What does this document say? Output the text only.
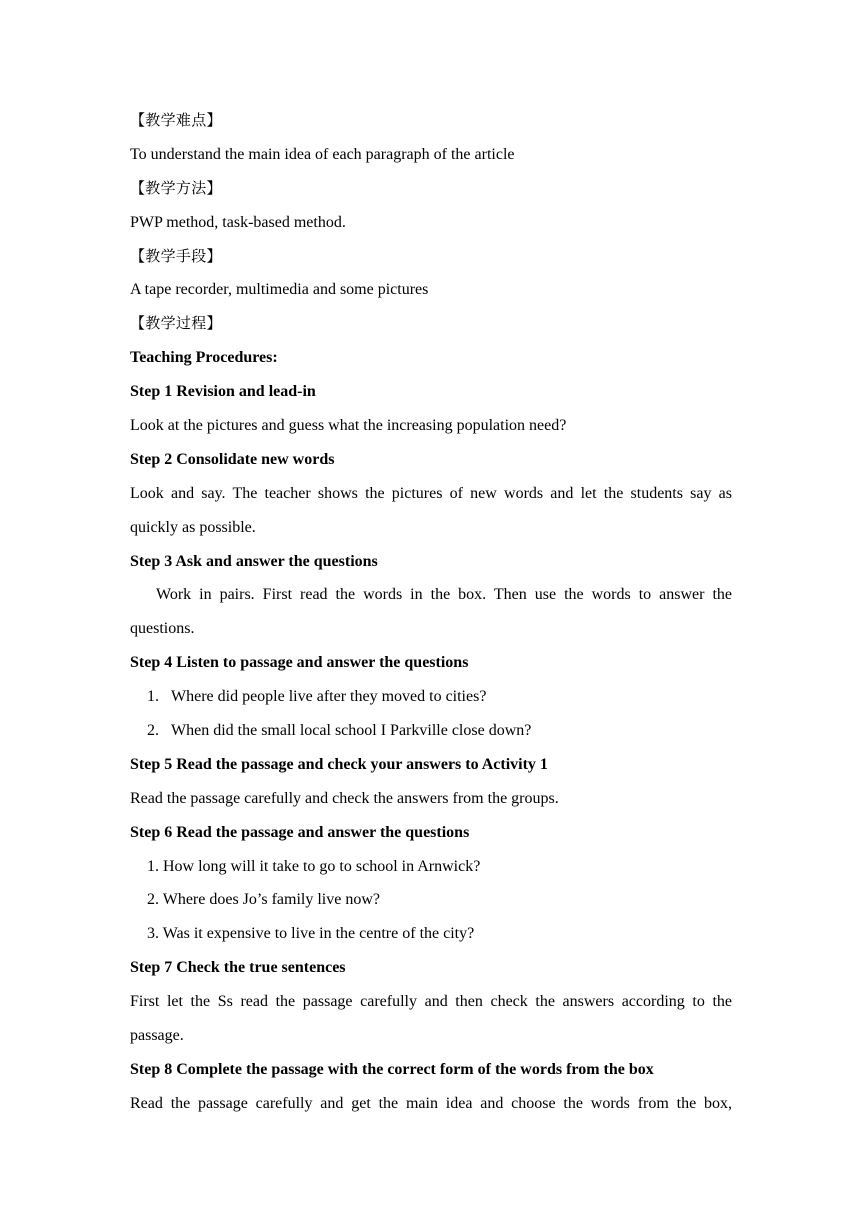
【教学难点】
To understand the main idea of each paragraph of the article
【教学方法】
PWP method, task-based method.
【教学手段】
A tape recorder, multimedia and some pictures
【教学过程】
Teaching Procedures:
Step 1 Revision and lead-in
Look at the pictures and guess what the increasing population need?
Step 2 Consolidate new words
Look and say. The teacher shows the pictures of new words and let the students say as
quickly as possible.
Step 3 Ask and answer the questions
Work in pairs. First read the words in the box. Then use the words to answer the
questions.
Step 4 Listen to passage and answer the questions
1. Where did people live after they moved to cities?
2. When did the small local school I Parkville close down?
Step 5 Read the passage and check your answers to Activity 1
Read the passage carefully and check the answers from the groups.
Step 6 Read the passage and answer the questions
1. How long will it take to go to school in Arnwick?
2. Where does Jo’s family live now?
3. Was it expensive to live in the centre of the city?
Step 7 Check the true sentences
First let the Ss read the passage carefully and then check the answers according to the
passage.
Step 8 Complete the passage with the correct form of the words from the box
Read the passage carefully and get the main idea and choose the words from the box,
